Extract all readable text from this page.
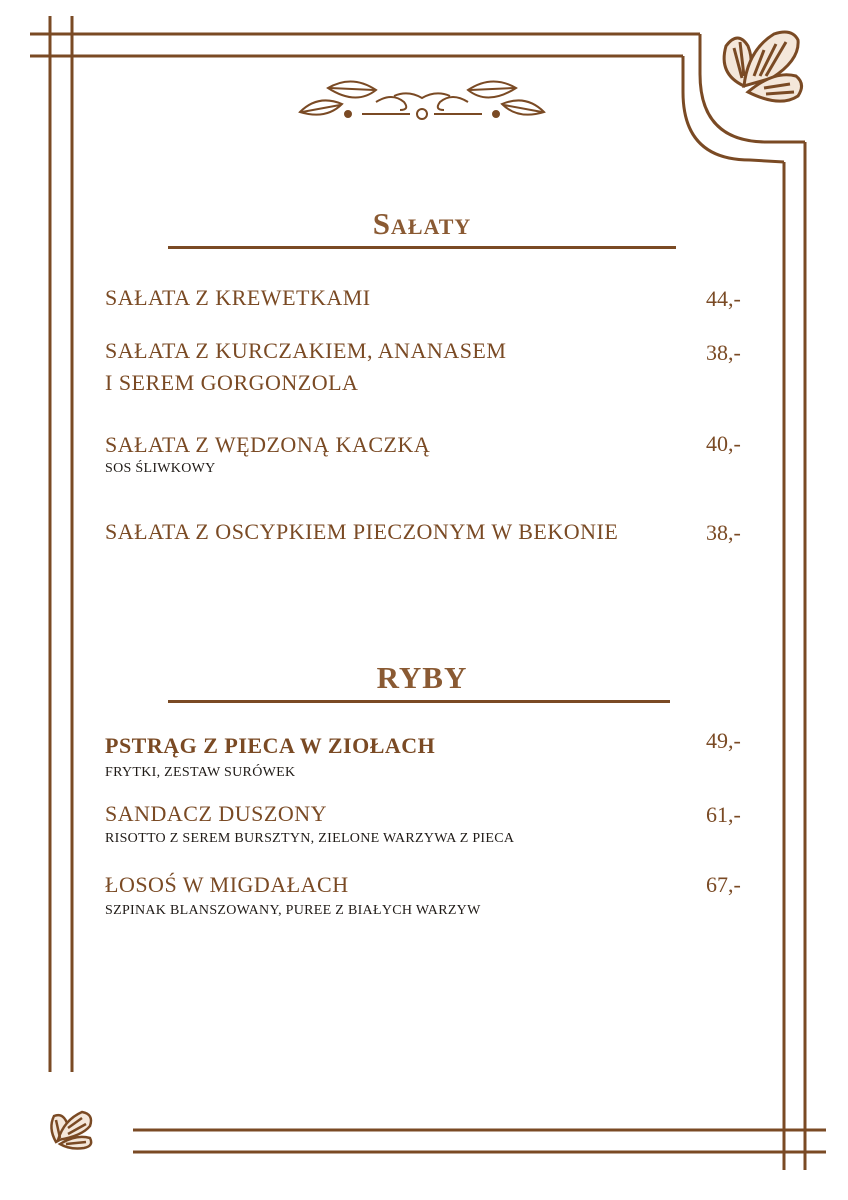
Sałaty
SAŁATA Z KREWETKAMI	44,-
SAŁATA Z KURCZAKIEM, ANANASEM
I SEREM GORGONZOLA
38,-
SAŁATA Z WĘDZONĄ KACZKĄ
SOS ŚLIWKOWY
40,-
SAŁATA Z OSCYPKIEM PIECZONYM W BEKONIE	38,-
RYBY
PSTRĄG Z PIECA W ZIOŁACH
FRYTKI, ZESTAW SURÓWEK
49,-
SANDACZ DUSZONY
RISOTTO Z SEREM BURSZTYN, ZIELONE WARZYWA Z PIECA
61,-
ŁOSOŚ W MIGDAŁACH
SZPINAK BLANSZOWANY, PUREE Z BIAŁYCH WARZYW
67,-
